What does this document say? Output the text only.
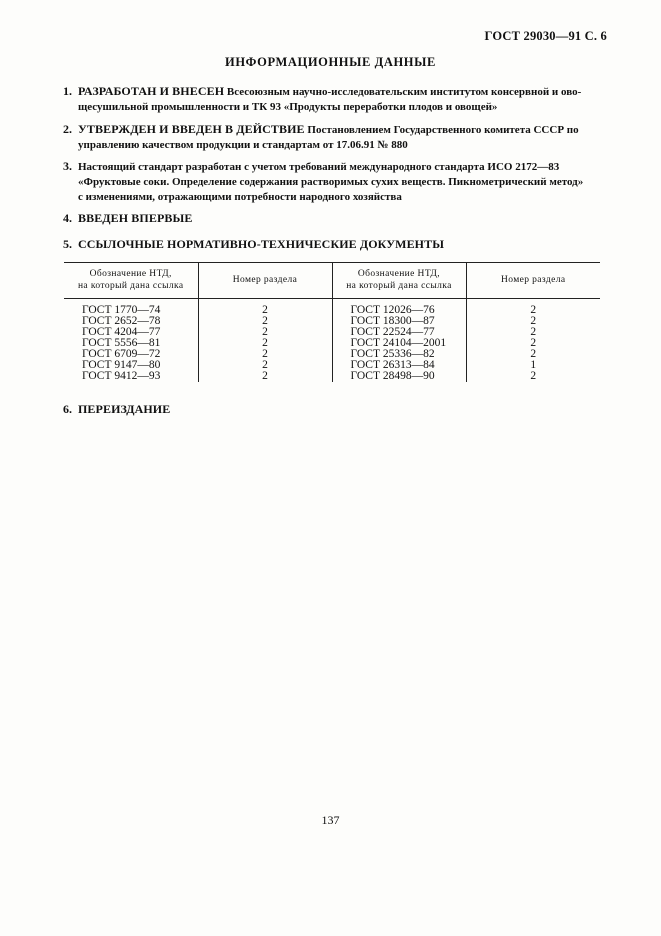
ГОСТ 29030—91 С. 6
ИНФОРМАЦИОННЫЕ ДАННЫЕ
1. РАЗРАБОТАН И ВНЕСЕН Всесоюзным научно-исследовательским институтом консервной и ово-
щесушильной промышленности и ТК 93 «Продукты переработки плодов и овощей»
2. УТВЕРЖДЕН И ВВЕДЕН В ДЕЙСТВИЕ Постановлением Государственного комитета СССР по
управлению качеством продукции и стандартам от 17.06.91 № 880
3. Настоящий стандарт разработан с учетом требований международного стандарта ИСО 2172—83
«Фруктовые соки. Определение содержания растворимых сухих веществ. Пикнометрический метод»
с изменениями, отражающими потребности народного хозяйства
4. ВВЕДЕН ВПЕРВЫЕ
5. ССЫЛОЧНЫЕ НОРМАТИВНО-ТЕХНИЧЕСКИЕ ДОКУМЕНТЫ
Обозначение НТД,
на который дана ссылка	Номер раздела	Обозначение НТД,
на который дана ссылка	Номер раздела

ГОСТ 1770—74	2	ГОСТ 12026—76	2
ГОСТ 2652—78	2	ГОСТ 18300—87	2
ГОСТ 4204—77	2	ГОСТ 22524—77	2
ГОСТ 5556—81	2	ГОСТ 24104—2001	2
ГОСТ 6709—72	2	ГОСТ 25336—82	2
ГОСТ 9147—80	2	ГОСТ 26313—84	1
ГОСТ 9412—93	2	ГОСТ 28498—90	2
6. ПЕРЕИЗДАНИЕ
137
